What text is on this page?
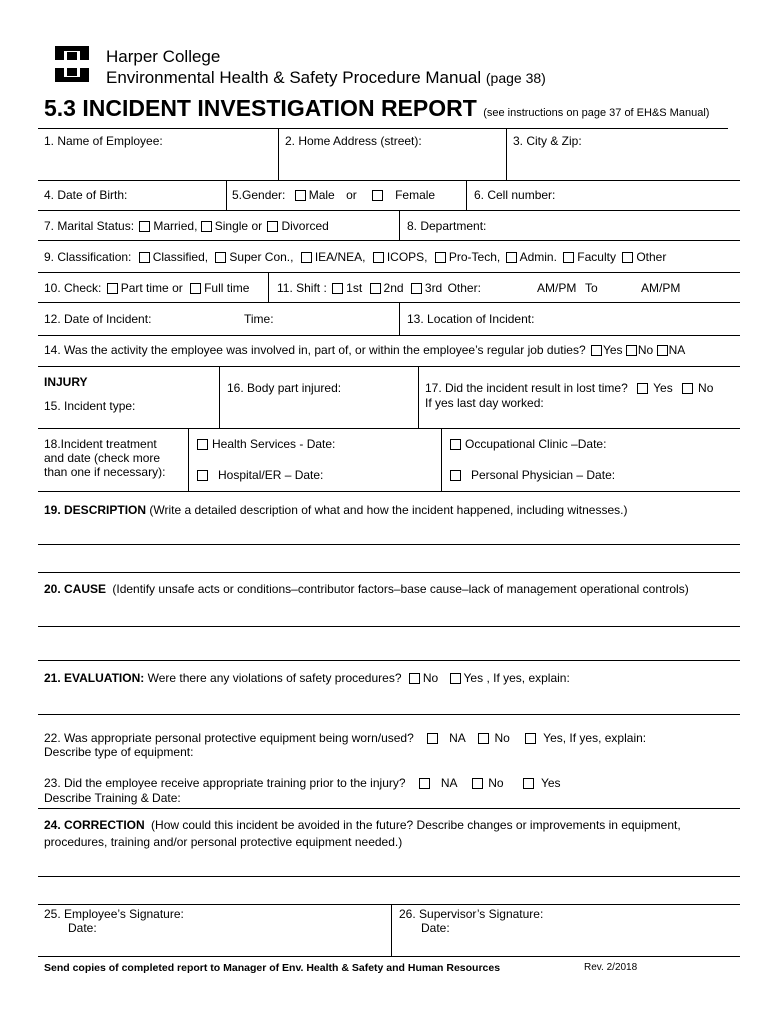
Harper College
Environmental Health & Safety Procedure Manual (page 38)
5.3 INCIDENT INVESTIGATION REPORT (see instructions on page 37 of EH&S Manual)
1. Name of Employee:	2. Home Address (street):	3. City & Zip:
4. Date of Birth:	5.Gender: Male or	Female	6. Cell number:
7. Marital Status: Married, Single or Divorced	8. Department:
9. Classification: Classified, Super Con., IEA/NEA, ICOPS, Pro-Tech, Admin. Faculty Other
10. Check: Part time or Full time 11. Shift : 1st 2nd 3rd Other:	AM/PM To	AM/PM
12. Date of Incident:	Time:	13. Location of Incident:
14. Was the activity the employee was involved in, part of, or within the employee’s regular job duties? Yes No NA
INJURY
15. Incident type:
16. Body part injured:	17. Did the incident result in lost time? Yes No
If yes last day worked:
18.Incident treatment
and date (check more
than one if necessary):
Health Services - Date:	Occupational Clinic –Date:
Hospital/ER – Date:	Personal Physician – Date:
19. DESCRIPTION (Write a detailed description of what and how the incident happened, including witnesses.)
20. CAUSE (Identify unsafe acts or conditions–contributor factors–base cause–lack of management operational controls)
21. EVALUATION: Were there any violations of safety procedures? No Yes , If yes, explain:
22. Was appropriate personal protective equipment being worn/used?	NA No	Yes, If yes, explain:
Describe type of equipment:
23. Did the employee receive appropriate training prior to the injury?	NA	No	Yes
Describe Training & Date:
24. CORRECTION (How could this incident be avoided in the future? Describe changes or improvements in equipment,
procedures, training and/or personal protective equipment needed.)
25. Employee’s Signature:
Date:
26. Supervisor’s Signature:
Date:
Send copies of completed report to Manager of Env. Health & Safety and Human Resources	Rev. 2/2018
